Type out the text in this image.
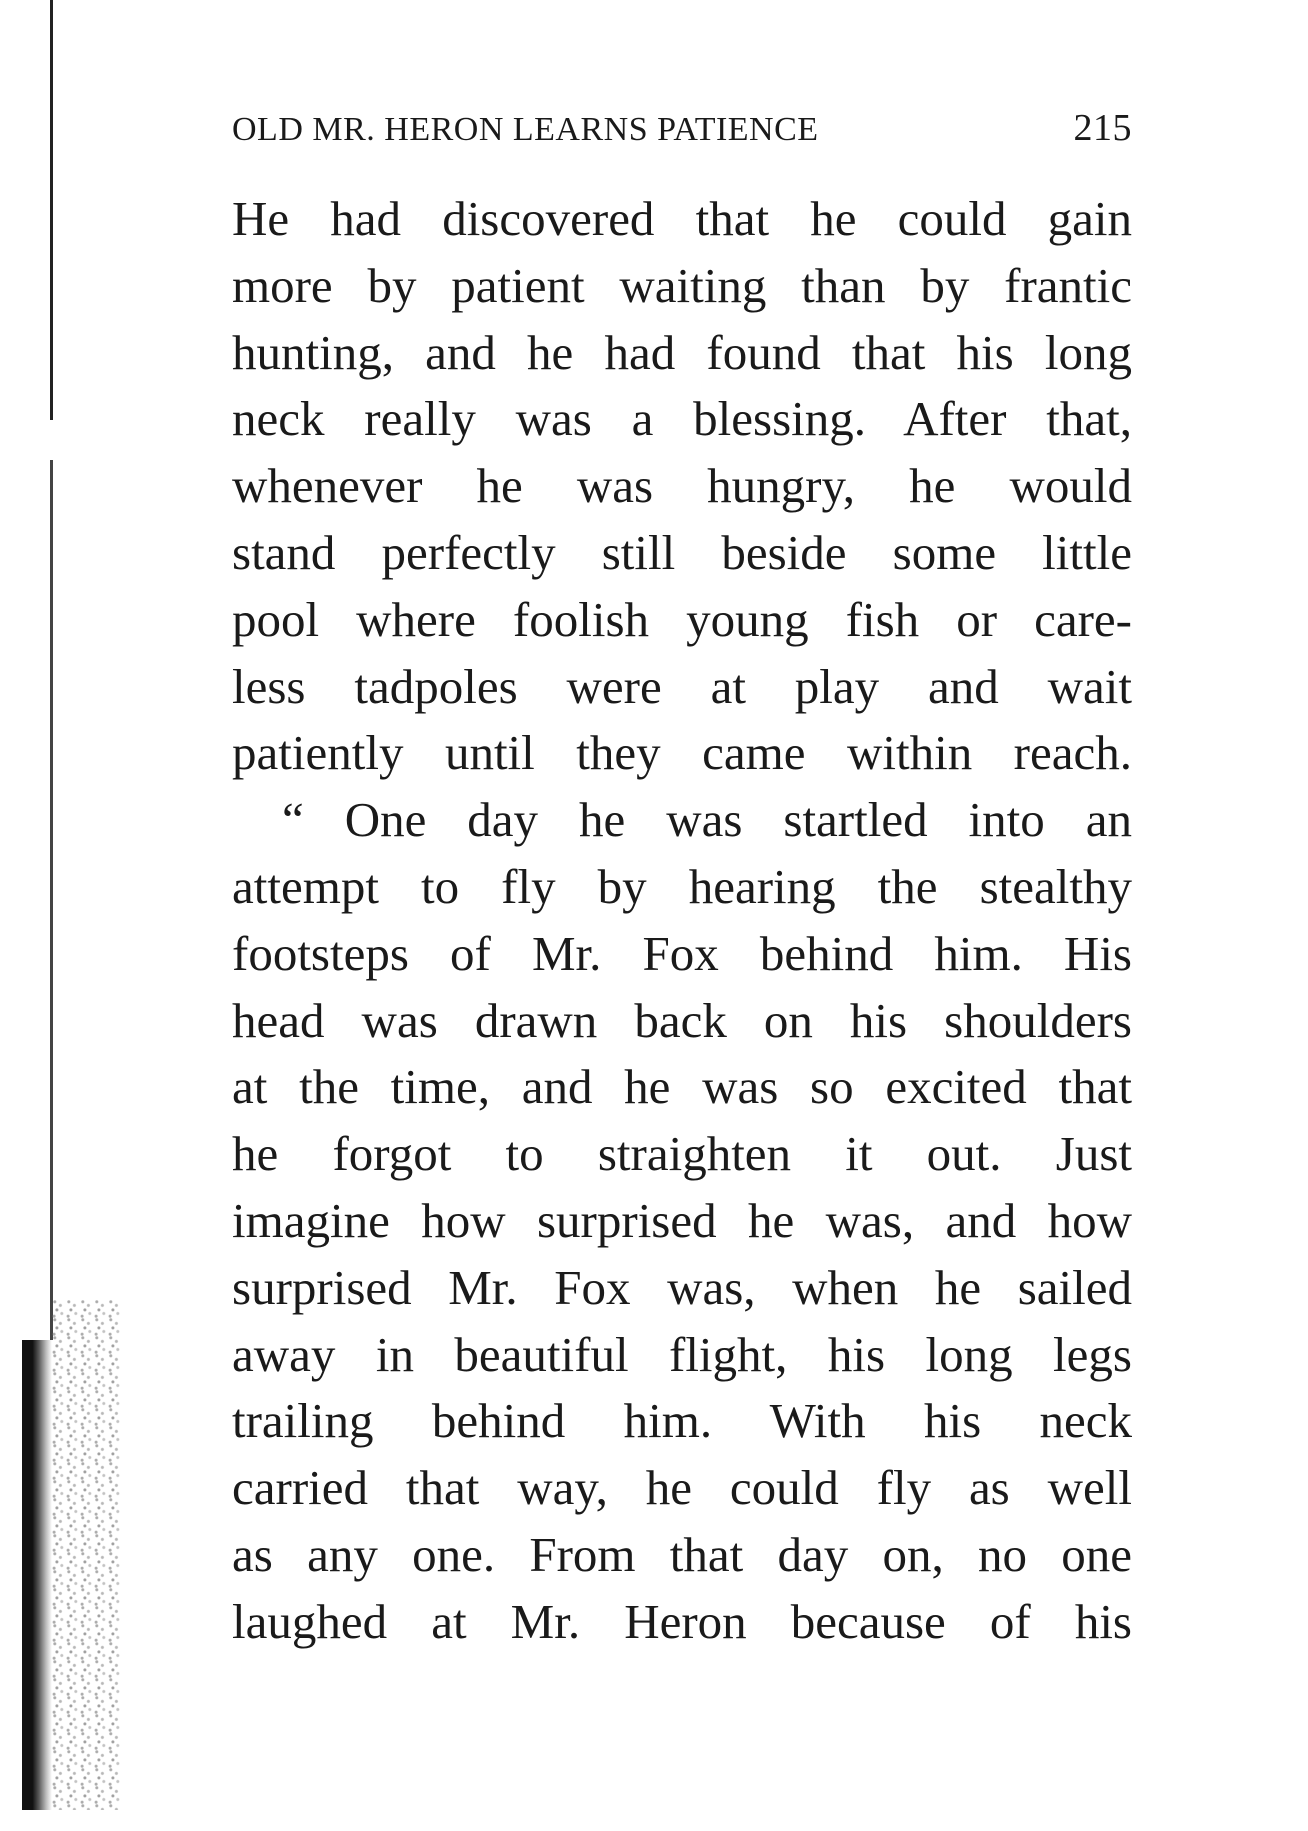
OLD MR. HERON LEARNS PATIENCE	215
He had discovered that he could gain
more by patient waiting than by frantic
hunting, and he had found that his long
neck really was a blessing. After that,
whenever he was hungry, he would
stand perfectly still beside some little
pool where foolish young fish or care-
less tadpoles were at play and wait
patiently until they came within reach.
“ One day he was startled into an
attempt to fly by hearing the stealthy
footsteps of Mr. Fox behind him. His
head was drawn back on his shoulders
at the time, and he was so excited that
he forgot to straighten it out. Just
imagine how surprised he was, and how
surprised Mr. Fox was, when he sailed
away in beautiful flight, his long legs
trailing behind him. With his neck
carried that way, he could fly as well
as any one. From that day on, no one
laughed at Mr. Heron because of his
